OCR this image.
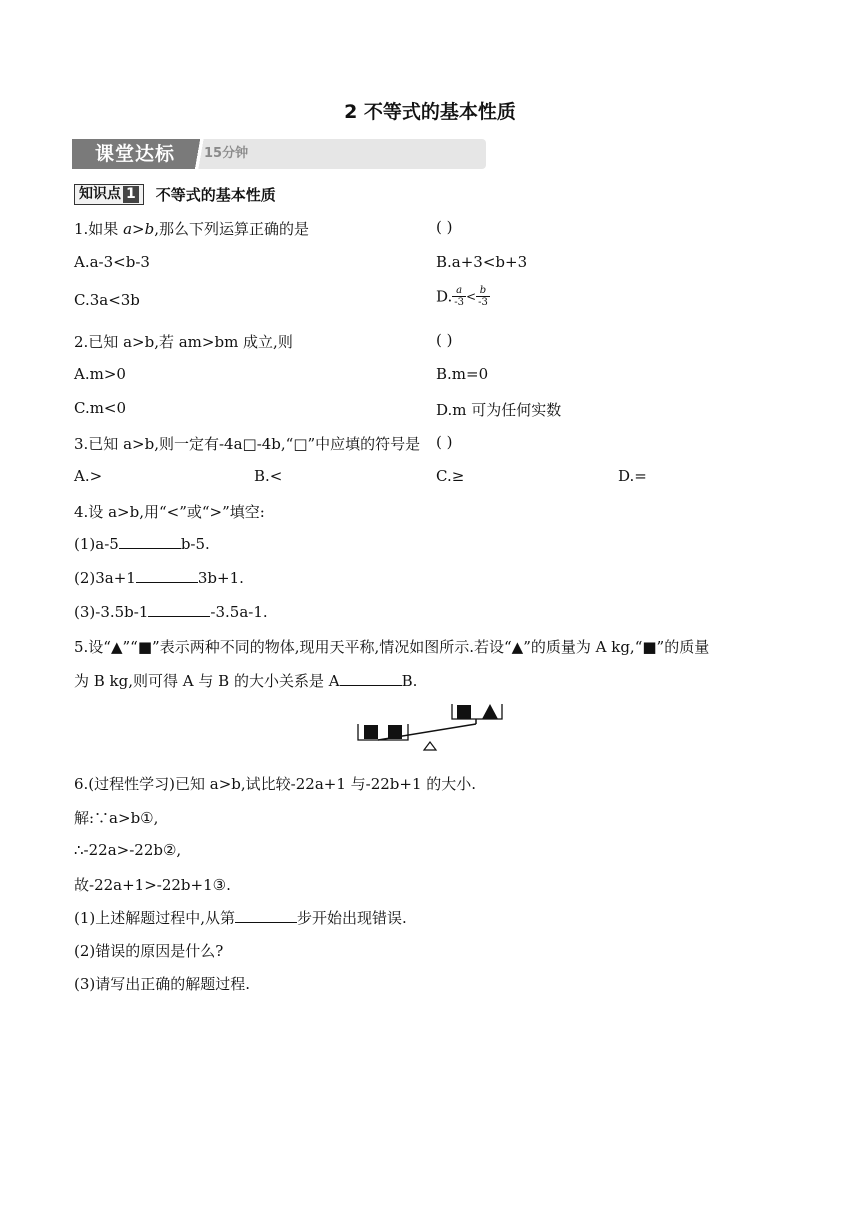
2 不等式的基本性质
课堂达标	15分钟
知识点 1 不等式的基本性质
1.如果 a>b,那么下列运算正确的是	( )
A.a-3<b-3	B.a+3<b+3
C.3a<3b	D. $\frac{a}{-3} < \frac{b}{-3}$
2.已知 a>b,若 am>bm 成立,则	( )
A.m>0	B.m=0
C.m<0	D.m 可为任何实数
3.已知 a>b,则一定有-4a□-4b,“□”中应填的符号是 ( )
A.>	B.<	C.≥	D.=
4.设 a>b,用“<”或“>”填空:
(1)a-5	b-5.
(2)3a+1	3b+1.
(3)-3.5b-1	-3.5a-1.
5.设“▲”“■”表示两种不同的物体,现用天平称,情况如图所示.若设“▲”的质量为 A kg,“■”的质量
为 B kg,则可得 A 与 B 的大小关系是 A	B.
6.(过程性学习)已知 a>b,试比较-22a+1 与-22b+1 的大小.
解:∵a>b①,
∴-22a>-22b②,
故-22a+1>-22b+1③.
(1)上述解题过程中,从第	步开始出现错误.
(2)错误的原因是什么?
(3)请写出正确的解题过程.
